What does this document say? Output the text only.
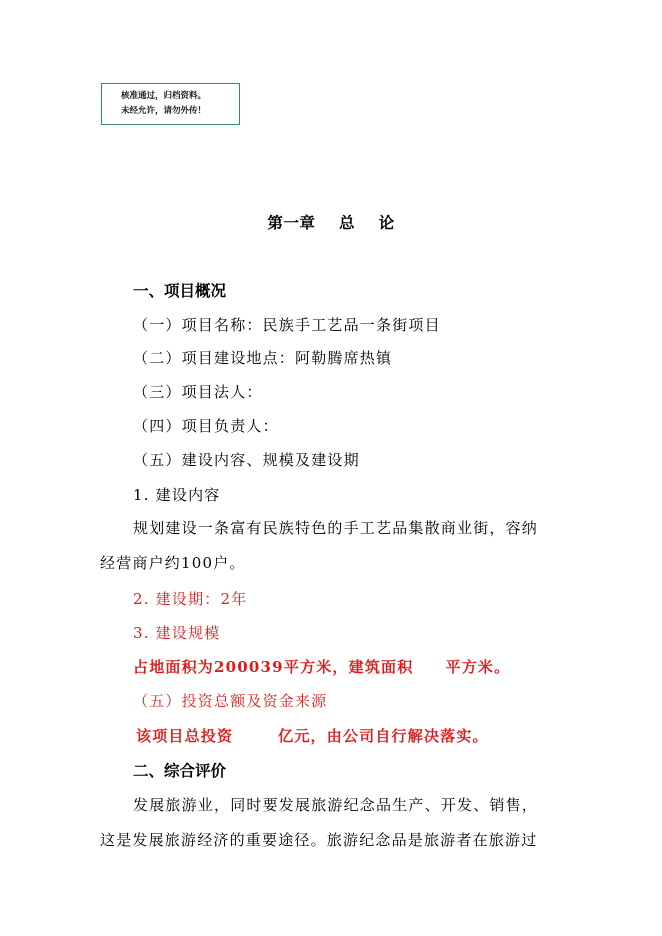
核准通过，归档资料。
未经允许，请勿外传！
第一章    总    论
一、项目概况
（一）项目名称：民族手工艺品一条街项目
（二）项目建设地点：阿勒腾席热镇
（三）项目法人：
（四）项目负责人：
（五）建设内容、规模及建设期
1. 建设内容
规划建设一条富有民族特色的手工艺品集散商业街，容纳
经营商户约100户。
2. 建设期：2年
3. 建设规模
占地面积为200039平方米，建筑面积     平方米。
（五）投资总额及资金来源
该项目总投资       亿元，由公司自行解决落实。
二、综合评价
发展旅游业，同时要发展旅游纪念品生产、开发、销售，
这是发展旅游经济的重要途径。旅游纪念品是旅游者在旅游过
